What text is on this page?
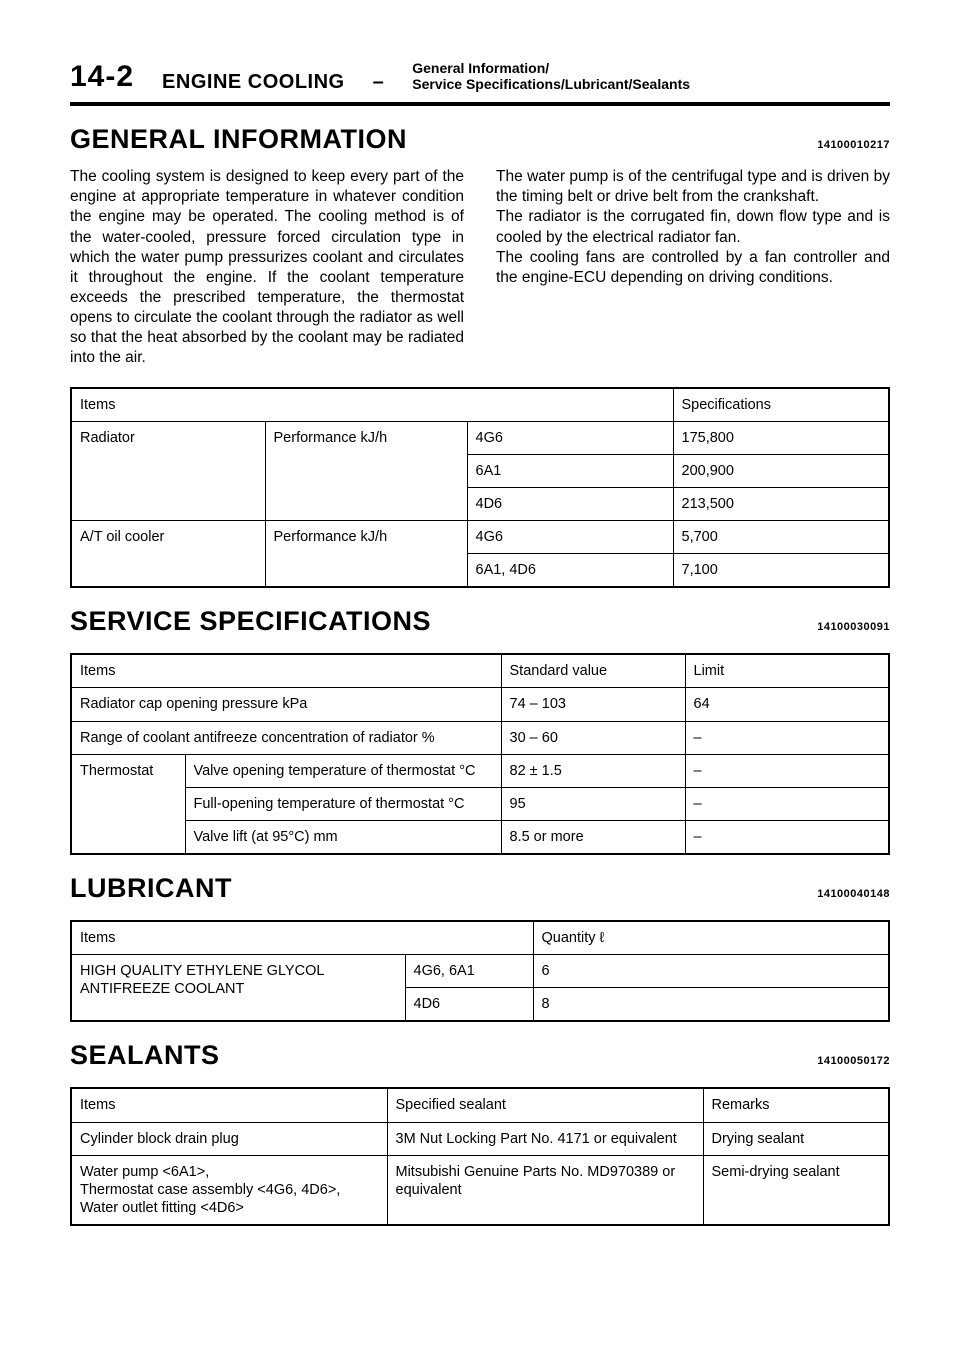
14-2 ENGINE COOLING –
General Information/
Service Specifications/Lubricant/Sealants
GENERAL INFORMATION	14100010217

The cooling system is designed to keep every part of the engine at appropriate temperature in whatever condition the engine may be operated. The cooling method is of the water-cooled, pressure forced circulation type in which the water pump pressurizes coolant and circulates it throughout the engine. If the coolant temperature exceeds the prescribed temperature, the thermostat opens to circulate the coolant through the radiator as well so that the heat absorbed by the coolant may be radiated into the air.

The water pump is of the centrifugal type and is driven by the timing belt or drive belt from the crankshaft.

The radiator is the corrugated fin, down flow type and is cooled by the electrical radiator fan.

The cooling fans are controlled by a fan controller and the engine-ECU depending on driving conditions.

Items			Specifications
Radiator	Performance kJ/h	4G6	175,800
		6A1	200,900
		4D6	213,500
A/T oil cooler	Performance kJ/h	4G6	5,700
		6A1, 4D6	7,100
SERVICE SPECIFICATIONS	14100030091
Items		Standard value	Limit
Radiator cap opening pressure kPa		74 – 103	64
Range of coolant antifreeze concentration of radiator %		30 – 60	–
Thermostat	Valve opening temperature of thermostat °C	82 ± 1.5	–
	Full-opening temperature of thermostat °C	95	–
	Valve lift (at 95°C) mm	8.5 or more	–
LUBRICANT	14100040148
Items		Quantity ℓ
HIGH QUALITY ETHYLENE GLYCOL ANTIFREEZE COOLANT	4G6, 6A1	6
	4D6	8
SEALANTS	14100050172
Items	Specified sealant	Remarks
Cylinder block drain plug	3M Nut Locking Part No. 4171 or equivalent	Drying sealant

Water pump <6A1>,
Thermostat case assembly <4G6, 4D6>,
Water outlet fitting <4D6>	Mitsubishi Genuine Parts No. MD970389 or equivalent	Semi-drying sealant
